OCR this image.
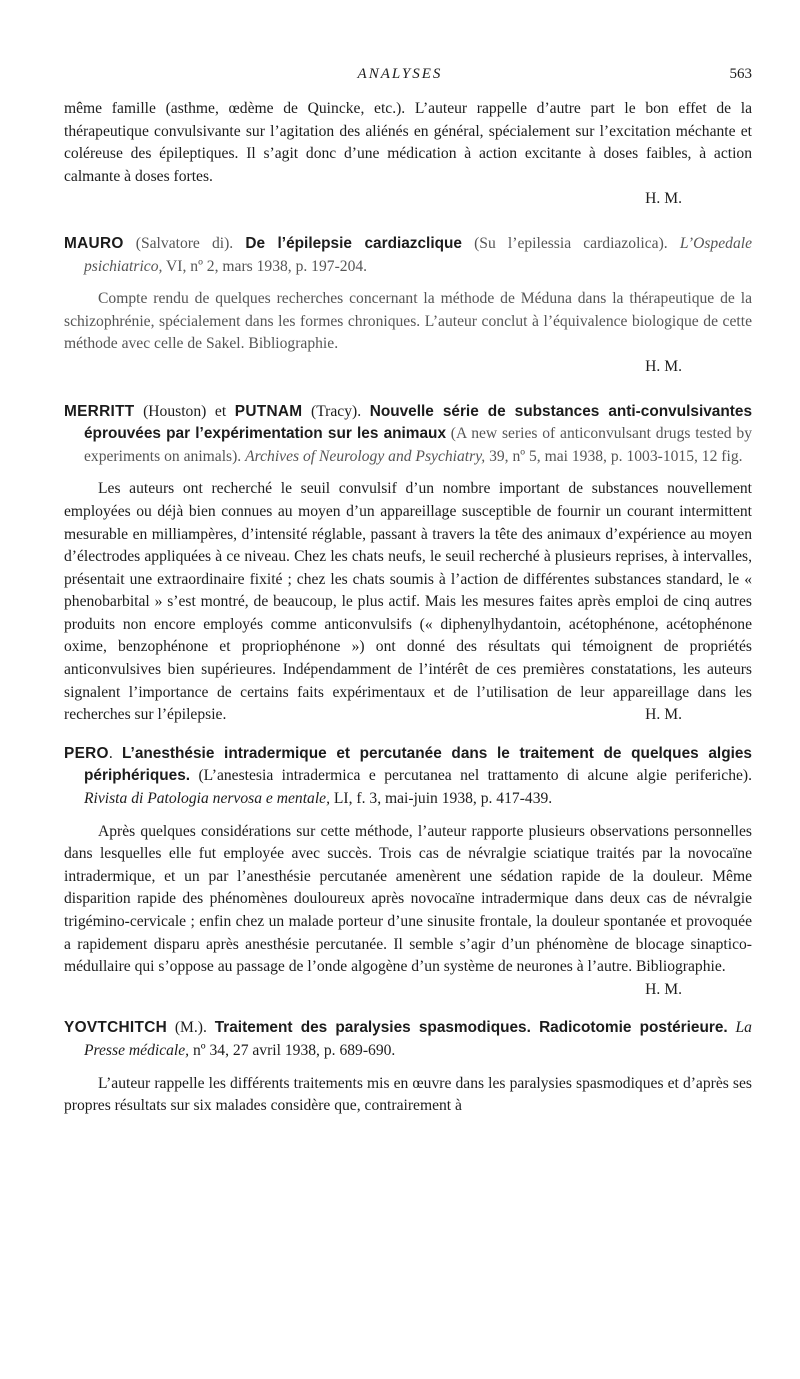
ANALYSES	563

même famille (asthme, œdème de Quincke, etc.). L’auteur rappelle d’autre part le bon effet de la thérapeutique convulsivante sur l’agitation des aliénés en général, spécialement sur l’excitation méchante et coléreuse des épileptiques. Il s’agit donc d’une médication à action excitante à doses faibles, à action calmante à doses fortes.

H. M.

MAURO (Salvatore di). De l’épilepsie cardiazclique (Su l’epilessia cardiazolica). L’Ospedale psichiatrico, VI, nº 2, mars 1938, p. 197-204.

Compte rendu de quelques recherches concernant la méthode de Méduna dans la thérapeutique de la schizophrénie, spécialement dans les formes chroniques. L’auteur conclut à l’équivalence biologique de cette méthode avec celle de Sakel. Bibliographie.

H. M.

MERRITT (Houston) et PUTNAM (Tracy). Nouvelle série de substances anti-convulsivantes éprouvées par l’expérimentation sur les animaux (A new series of anticonvulsant drugs tested by experiments on animals). Archives of Neurology and Psychiatry, 39, nº 5, mai 1938, p. 1003-1015, 12 fig.

Les auteurs ont recherché le seuil convulsif d’un nombre important de substances nouvellement employées ou déjà bien connues au moyen d’un appareillage susceptible de fournir un courant intermittent mesurable en milliampères, d’intensité réglable, passant à travers la tête des animaux d’expérience au moyen d’électrodes appliquées à ce niveau. Chez les chats neufs, le seuil recherché à plusieurs reprises, à intervalles, présentait une extraordinaire fixité ; chez les chats soumis à l’action de différentes substances standard, le « phenobarbital » s’est montré, de beaucoup, le plus actif. Mais les mesures faites après emploi de cinq autres produits non encore employés comme anticonvulsifs (« diphenylhydantoin, acétophénone, acétophénone oxime, benzophénone et propriophénone ») ont donné des résultats qui témoignent de propriétés anticonvulsives bien supérieures. Indépendamment de l’intérêt de ces premières constatations, les auteurs signalent l’importance de certains faits expérimentaux et de l’utilisation de leur appareillage dans les recherches sur l’épilepsie.	H. M.

PERO. L’anesthésie intradermique et percutanée dans le traitement de quelques algies périphériques. (L’anestesia intradermica e percutanea nel trattamento di alcune algie periferiche). Rivista di Patologia nervosa e mentale, LI, f. 3, mai-juin 1938, p. 417-439.

Après quelques considérations sur cette méthode, l’auteur rapporte plusieurs observations personnelles dans lesquelles elle fut employée avec succès. Trois cas de névralgie sciatique traités par la novocaïne intradermique, et un par l’anesthésie percutanée amenèrent une sédation rapide de la douleur. Même disparition rapide des phénomènes douloureux après novocaïne intradermique dans deux cas de névralgie trigémino-cervicale ; enfin chez un malade porteur d’une sinusite frontale, la douleur spontanée et provoquée a rapidement disparu après anesthésie percutanée. Il semble s’agir d’un phénomène de blocage sinaptico-médullaire qui s’oppose au passage de l’onde algogène d’un système de neurones à l’autre. Bibliographie.
H. M.

YOVTCHITCH (M.). Traitement des paralysies spasmodiques. Radicotomie postérieure. La Presse médicale, nº 34, 27 avril 1938, p. 689-690.

L’auteur rappelle les différents traitements mis en œuvre dans les paralysies spasmodiques et d’après ses propres résultats sur six malades considère que, contrairement à
